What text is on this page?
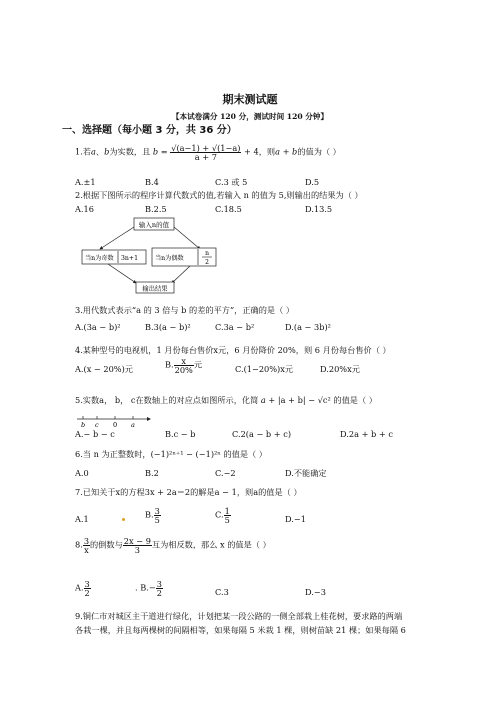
期末测试题
【本试卷满分 120 分，测试时间 120 分钟】
一、选择题（每小题 3 分，共 36 分）
1.若a、b为实数，且 $b = \frac{√(a-1) + √(1-a)}{a + 7} + 4$，则a + b的值为（ ）
A.±1	B.4	C.3 或 5	D.5
2.根据下图所示的程序计算代数式的值,若输入 n 的值为 5,则输出的结果为（ ）
A.16	B.2.5	C.18.5	D.13.5
输入n的值
当n为奇数 3n+1	当n为偶数
n
2
输出结果
3.用代数式表示“a 的 3 倍与 b 的差的平方”，正确的是（ ）
A.(3a − b)²	B.3(a − b)²	C.3a − b²	D.(a − 3b)²
4.某种型号的电视机，1 月份每台售价x元，6 月份降价 20%，则 6 月份每台售价（ ）
A.(x − 20%)元	B. $\frac{x}{20\%}$ 元	C.(1−20%)x元	D.20%x元
5.实数a， b， c在数轴上的对应点如图所示，化简 a + |a + b| − √c² 的值是（ ）
b c 0 a
A.− b − c	B.c − b	C.2(a − b + c)	D.2a + b + c
6.当 n 为正整数时，(−1)²ⁿ⁺¹ − (−1)²ⁿ 的值是（ ）
A.0	B.2	C.−2	D.不能确定
7.已知关于x的方程3x + 2a＝2的解是a − 1，则a的值是（ ）
A.1	B. $\frac{3}{5}$	C. $\frac{1}{5}$	D.−1
8. $\frac{3}{x}$ 的倒数与 $\frac{2x - 9}{3}$ 互为相反数，那么 x 的值是（ ）
A. $\frac{3}{2}$	. $B.- \frac{3}{2}$	C.3	D.−3
9.铜仁市对城区主干道进行绿化，计划把某一段公路的一侧全部栽上桂花树，要求路的两端
各栽一棵，并且每两棵树的间隔相等，如果每隔 5 米栽 1 棵，则树苗缺 21 棵；如果每隔 6
